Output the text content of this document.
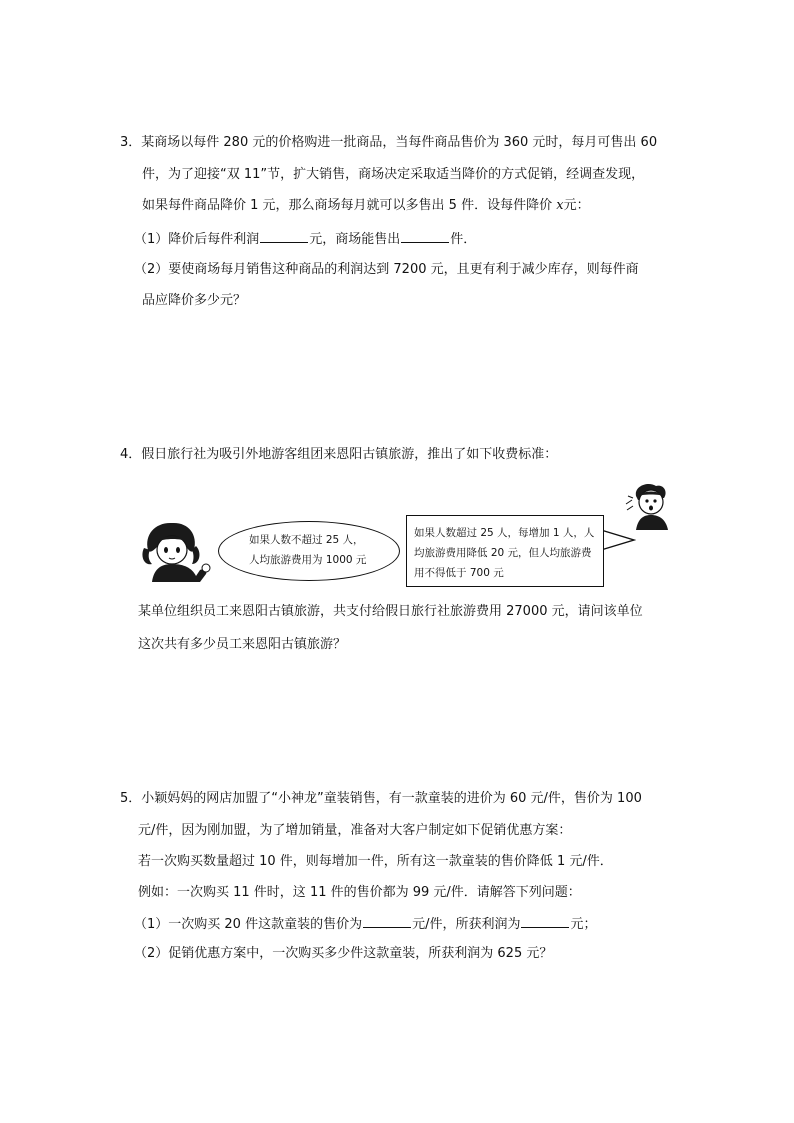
3．某商场以每件 280 元的价格购进一批商品，当每件商品售价为 360 元时，每月可售出 60
件，为了迎接“双 11”节，扩大销售，商场决定采取适当降价的方式促销，经调查发现，
如果每件商品降价 1 元，那么商场每月就可以多售出 5 件．设每件降价 x元：
（1）降价后每件利润	元，商场能售出	件．
（2）要使商场每月销售这种商品的利润达到 7200 元，且更有利于减少库存，则每件商
品应降价多少元？
4．假日旅行社为吸引外地游客组团来恩阳古镇旅游，推出了如下收费标准：
如果人数不超过 25 人，
人均旅游费用为 1000 元
如果人数超过 25 人，每增加 1 人，人
均旅游费用降低 20 元，但人均旅游费
用不得低于 700 元
某单位组织员工来恩阳古镇旅游，共支付给假日旅行社旅游费用 27000 元，请问该单位
这次共有多少员工来恩阳古镇旅游？
5．小颖妈妈的网店加盟了“小神龙”童装销售，有一款童装的进价为 60 元/件，售价为 100
元/件，因为刚加盟，为了增加销量，准备对大客户制定如下促销优惠方案：
若一次购买数量超过 10 件，则每增加一件，所有这一款童装的售价降低 1 元/件．
例如：一次购买 11 件时，这 11 件的售价都为 99 元/件．请解答下列问题：
（1）一次购买 20 件这款童装的售价为	元/件，所获利润为	元；
（2）促销优惠方案中，一次购买多少件这款童装，所获利润为 625 元？
